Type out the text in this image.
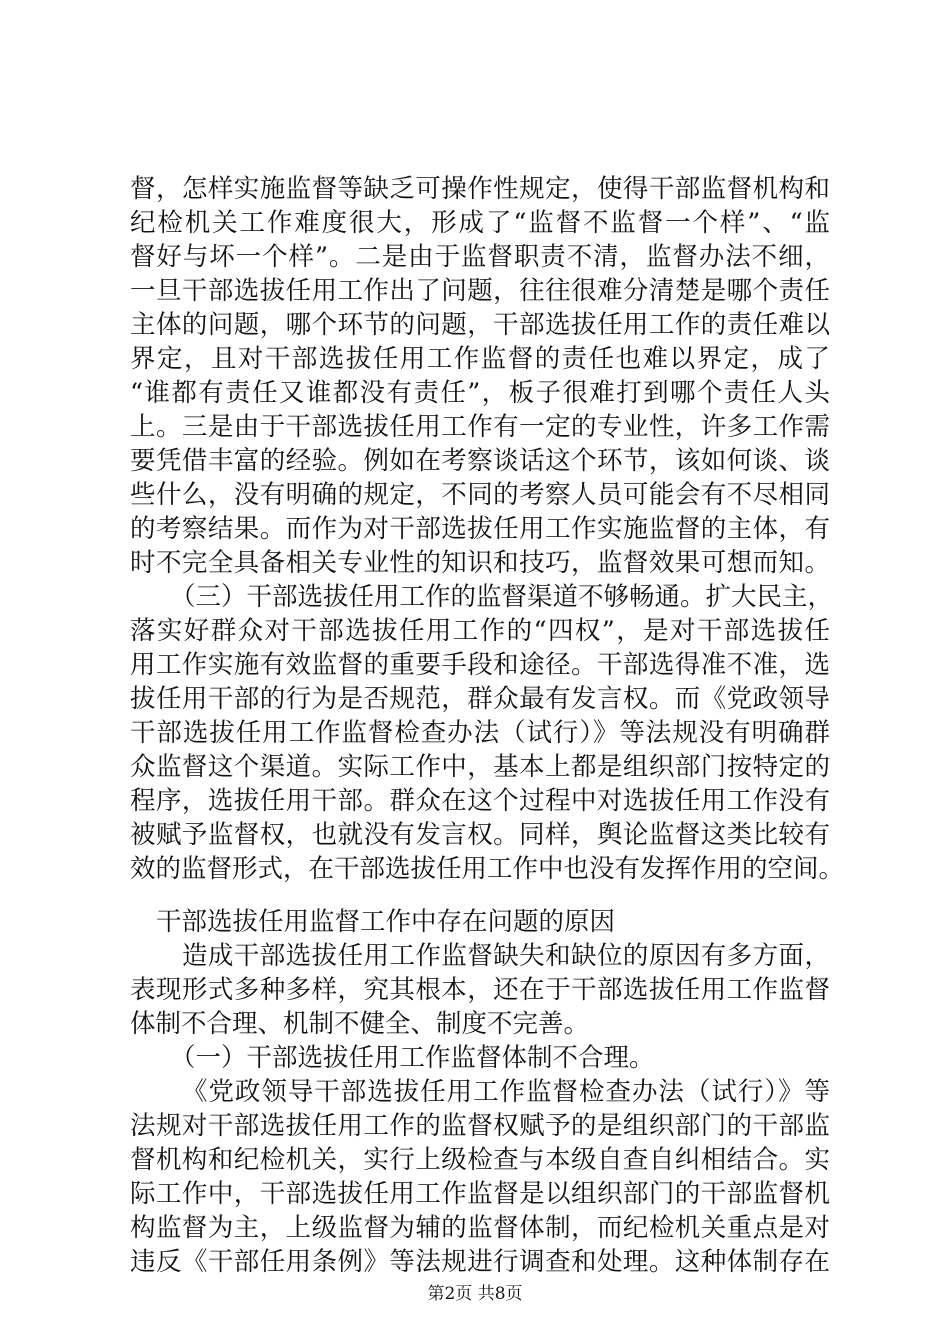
督，怎样实施监督等缺乏可操作性规定，使得干部监督机构和
纪检机关工作难度很大，形成了“监督不监督一个样”、“监
督好与坏一个样”。二是由于监督职责不清，监督办法不细，
一旦干部选拔任用工作出了问题，往往很难分清楚是哪个责任
主体的问题，哪个环节的问题，干部选拔任用工作的责任难以
界定，且对干部选拔任用工作监督的责任也难以界定，成了
“谁都有责任又谁都没有责任”，板子很难打到哪个责任人头
上。三是由于干部选拔任用工作有一定的专业性，许多工作需
要凭借丰富的经验。例如在考察谈话这个环节，该如何谈、谈
些什么，没有明确的规定，不同的考察人员可能会有不尽相同
的考察结果。而作为对干部选拔任用工作实施监督的主体，有
时不完全具备相关专业性的知识和技巧，监督效果可想而知。
（三）干部选拔任用工作的监督渠道不够畅通。扩大民主，
落实好群众对干部选拔任用工作的“四权”，是对干部选拔任
用工作实施有效监督的重要手段和途径。干部选得准不准，选
拔任用干部的行为是否规范，群众最有发言权。而《党政领导
干部选拔任用工作监督检查办法（试行）》等法规没有明确群
众监督这个渠道。实际工作中，基本上都是组织部门按特定的
程序，选拔任用干部。群众在这个过程中对选拔任用工作没有
被赋予监督权，也就没有发言权。同样，舆论监督这类比较有
效的监督形式，在干部选拔任用工作中也没有发挥作用的空间。
干部选拔任用监督工作中存在问题的原因
造成干部选拔任用工作监督缺失和缺位的原因有多方面，
表现形式多种多样，究其根本，还在于干部选拔任用工作监督
体制不合理、机制不健全、制度不完善。
（一）干部选拔任用工作监督体制不合理。
《党政领导干部选拔任用工作监督检查办法（试行）》等
法规对干部选拔任用工作的监督权赋予的是组织部门的干部监
督机构和纪检机关，实行上级检查与本级自查自纠相结合。实
际工作中，干部选拔任用工作监督是以组织部门的干部监督机
构监督为主，上级监督为辅的监督体制，而纪检机关重点是对
违反《干部任用条例》等法规进行调查和处理。这种体制存在
第2页 共8页
